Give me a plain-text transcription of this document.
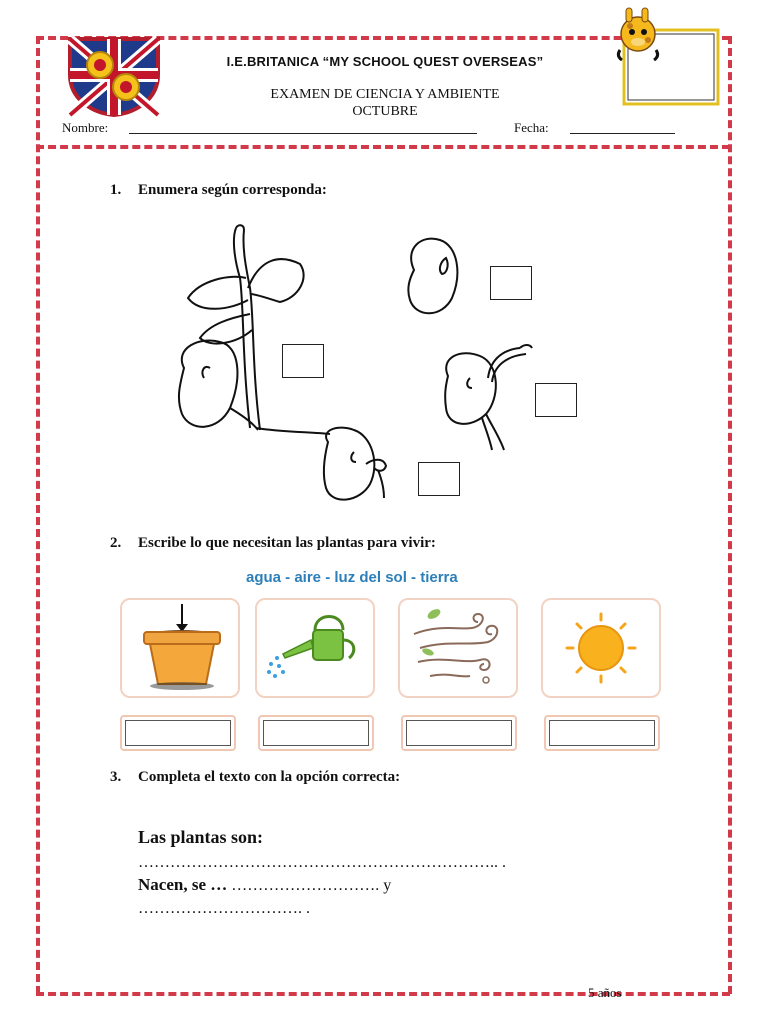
I.E.BRITANICA “MY SCHOOL QUEST OVERSEAS”
EXAMEN DE CIENCIA Y AMBIENTE
OCTUBRE
Nombre:	Fecha:
1. Enumera según corresponda:
2. Escribe lo que necesitan las plantas para vivir:
agua - aire - luz del sol - tierra
3. Completa el texto con la opción correcta:
Las plantas son:
………………………………………………………….. .
Nacen, se … ………………………. y
…………………………. .
5 años
